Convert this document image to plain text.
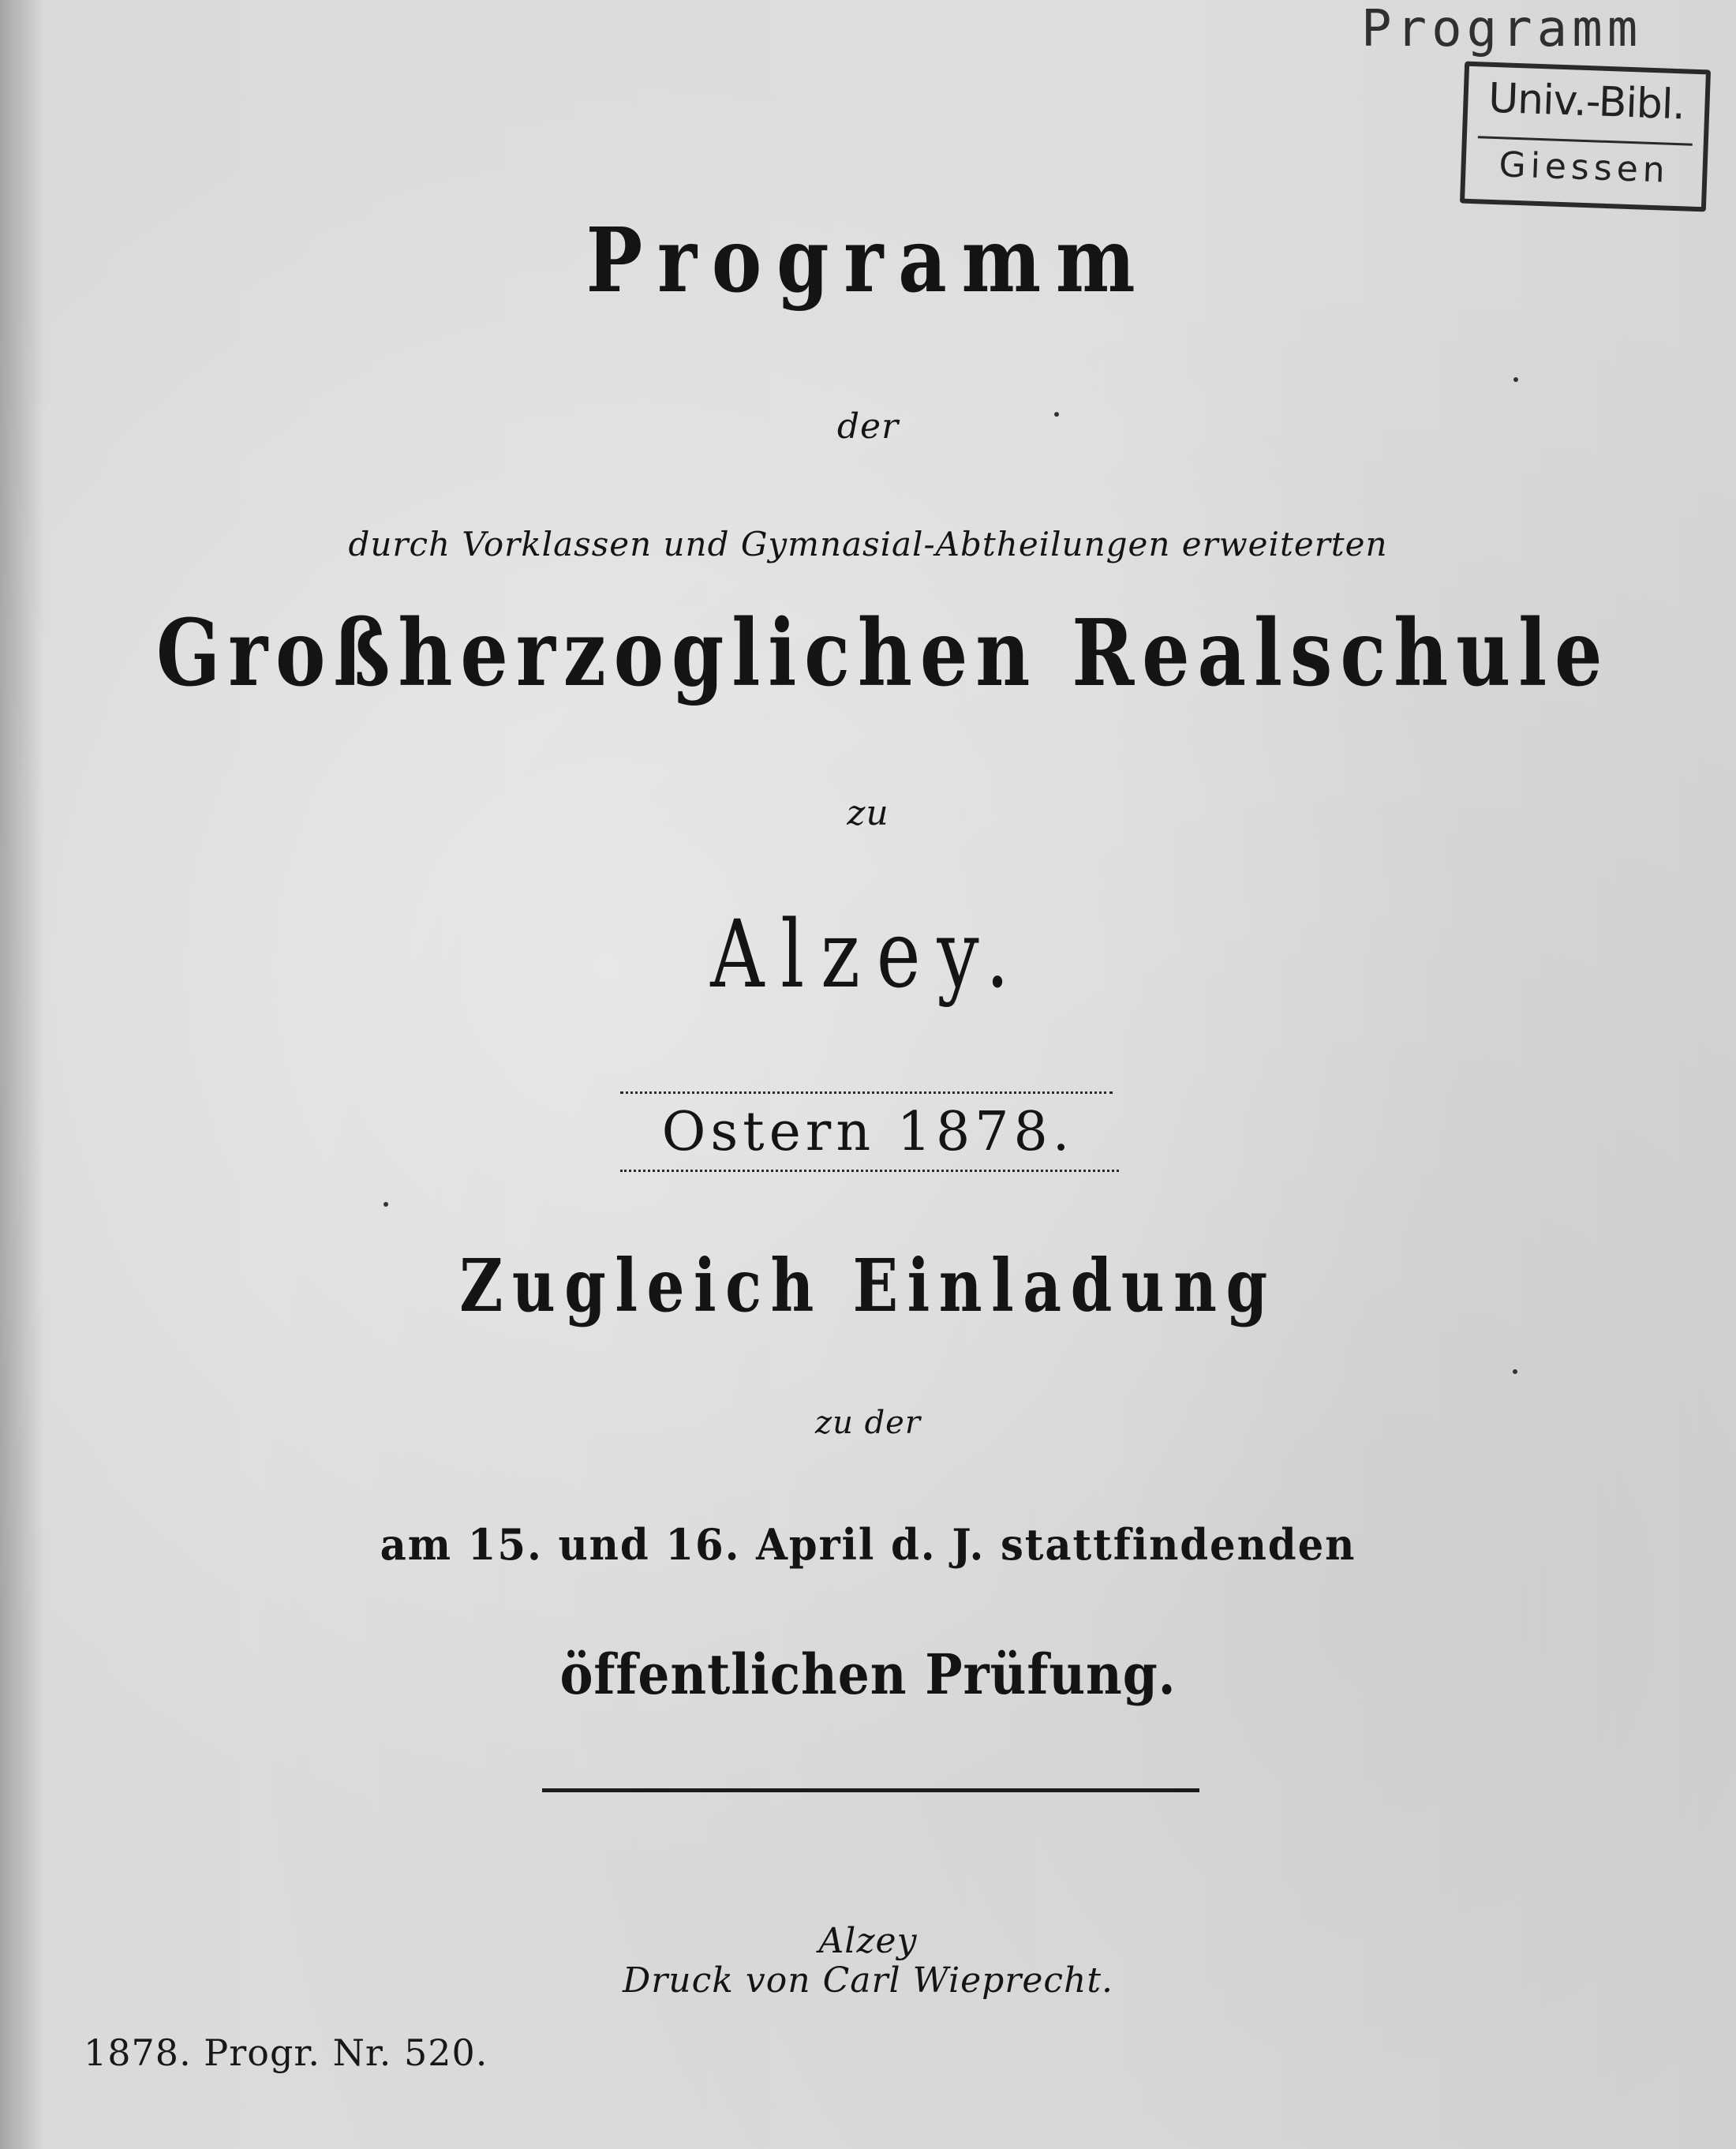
Programm
Univ.-Bibl.
Giessen
Programm
der
durch Vorklassen und Gymnasial-Abtheilungen erweiterten
Großherzoglichen Realschule
zu
Alzey.
Ostern 1878.
Zugleich Einladung
zu der
am 15. und 16. April d. J. stattfindenden
öffentlichen Prüfung.
Alzey
Druck von Carl Wieprecht.
1878. Progr. Nr. 520.
